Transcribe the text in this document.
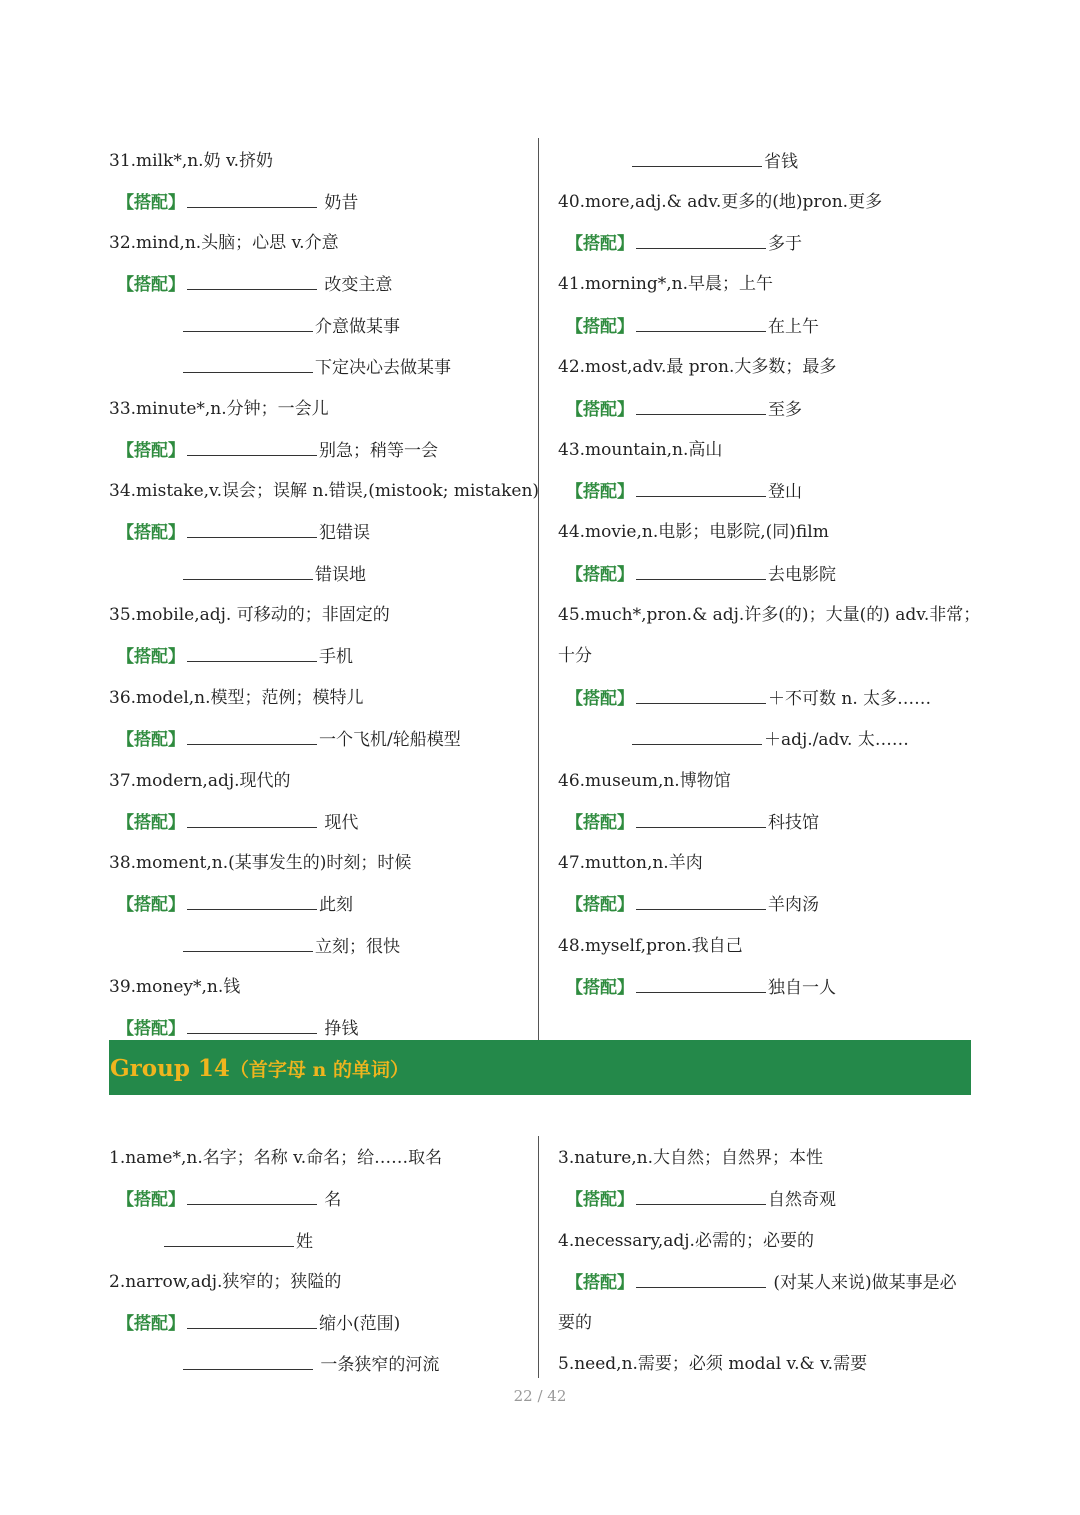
31.milk*,n.奶 v.挤奶
【搭配】	奶昔
32.mind,n.头脑；心思 v.介意
【搭配】	改变主意
介意做某事
下定决心去做某事
33.minute*,n.分钟；一会儿
【搭配】	别急；稍等一会
34.mistake,v.误会；误解 n.错误,(mistook; mistaken)
【搭配】	犯错误
错误地
35.mobile,adj. 可移动的；非固定的
【搭配】	手机
36.model,n.模型；范例；模特儿
【搭配】	一个飞机/轮船模型
37.modern,adj.现代的
【搭配】	现代
38.moment,n.(某事发生的)时刻；时候
【搭配】	此刻
立刻；很快
39.money*,n.钱
【搭配】	挣钱
省钱
40.more,adj.& adv.更多的(地)pron.更多
【搭配】	多于
41.morning*,n.早晨；上午
【搭配】	在上午
42.most,adv.最 pron.大多数；最多
【搭配】	至多
43.mountain,n.高山
【搭配】	登山
44.movie,n.电影；电影院,(同)film
【搭配】	去电影院
45.much*,pron.& adj.许多(的)；大量(的) adv.非常；
十分
【搭配】	＋不可数 n. 太多……
＋adj./adv. 太……
46.museum,n.博物馆
【搭配】	科技馆
47.mutton,n.羊肉
【搭配】	羊肉汤
48.myself,pron.我自己
【搭配】	独自一人
Group 14（首字母 n 的单词）
1.name*,n.名字；名称 v.命名；给……取名
【搭配】	名
姓
2.narrow,adj.狭窄的；狭隘的
【搭配】	缩小(范围)
一条狭窄的河流
3.nature,n.大自然；自然界；本性
【搭配】	自然奇观
4.necessary,adj.必需的；必要的
【搭配】	(对某人来说)做某事是必
要的
5.need,n.需要；必须 modal v.& v.需要
22 / 42
